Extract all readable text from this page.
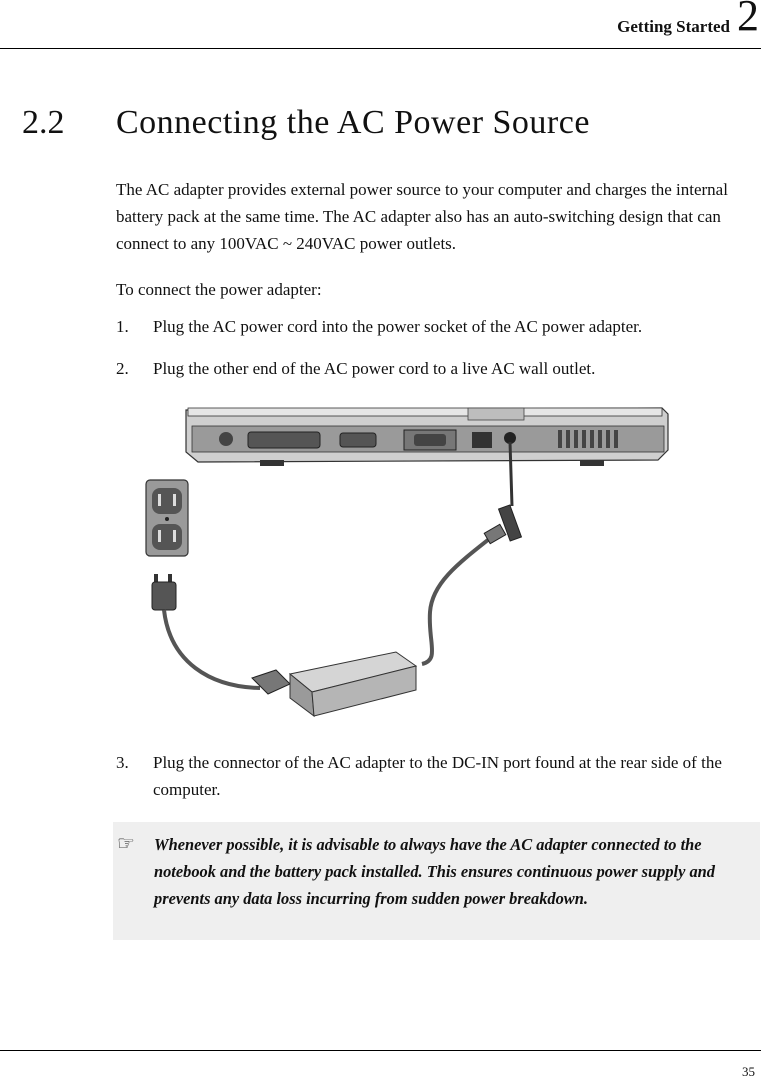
Getting Started 2
2.2 Connecting the AC Power Source
The AC adapter provides external power source to your computer and charges the internal battery pack at the same time. The AC adapter also has an auto-switching design that can connect to any 100VAC ~ 240VAC power outlets.
To connect the power adapter:
1. Plug the AC power cord into the power socket of the AC power adapter.
2. Plug the other end of the AC power cord to a live AC wall outlet.
3. Plug the connector of the AC adapter to the DC-IN port found at the rear side of the computer.
☞ Whenever possible, it is advisable to always have the AC adapter connected to the notebook and the battery pack installed. This ensures continuous power supply and prevents any data loss incurring from sudden power breakdown.
35
